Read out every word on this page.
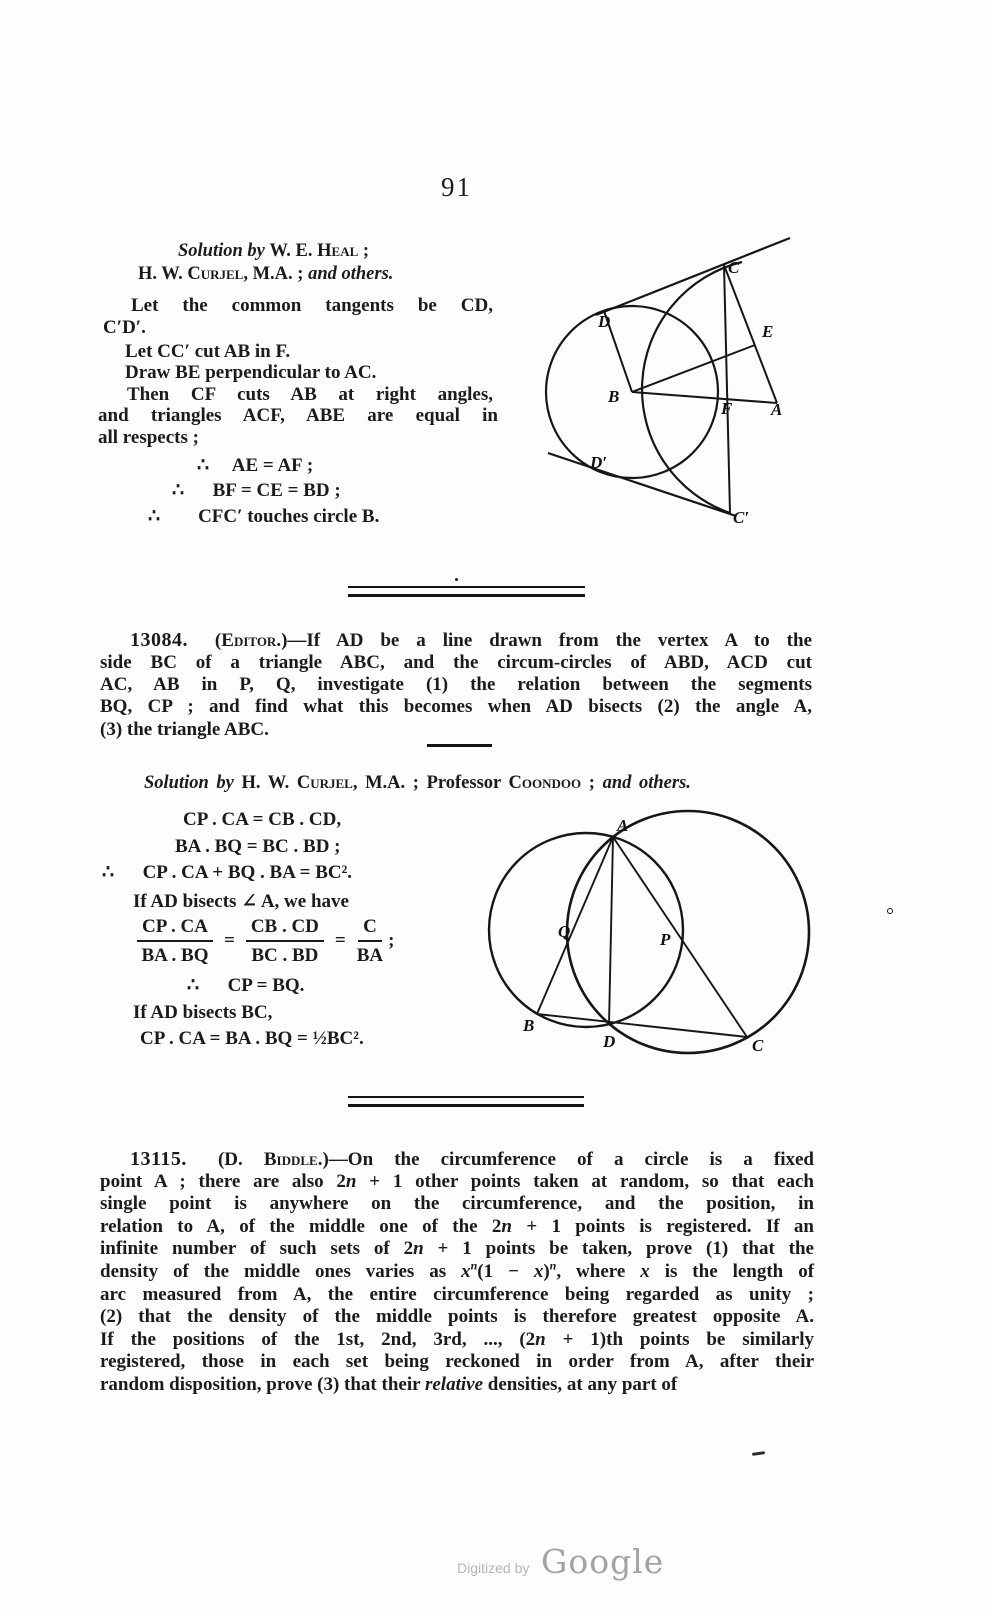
91
Solution by W. E. Heal ;
H. W. Curjel, M.A. ; and others.
Let the common tangents be CD,
C′D′.
Let CC′ cut AB in F.
Draw BE perpendicular to AC.
Then CF cuts AB at right angles,
and triangles ACF, ABE are equal in
all respects ;
∴  AE = AF ;
∴  BF = CE = BD ;
∴  CFC′ touches circle B.
C
D
E
B
F A
D′
C′
13084. (Editor.)—If AD be a line drawn from the vertex A to the
side BC of a triangle ABC, and the circum-circles of ABD, ACD cut
AC, AB in P, Q, investigate (1) the relation between the segments
BQ, CP ; and find what this becomes when AD bisects (2) the angle A,
(3) the triangle ABC.
Solution by H. W. Curjel, M.A. ; Professor Coondoo ; and others.
CP . CA = CB . CD,
BA . BQ = BC . BD ;
∴  CP . CA + BQ . BA = BC².
If AD bisects ∠ A, we have
$\frac{CP . CA}{BA . BQ} = \frac{CB . CD}{BC . BD} = \frac{C}{BA}$ ;
∴  CP = BQ.
If AD bisects BC,
CP . CA = BA . BQ = ½BC².
A
Q	P
B
D	C
13115. (D. Biddle.)—On the circumference of a circle is a fixed
point A ; there are also 2n + 1 other points taken at random, so that each
single point is anywhere on the circumference, and the position, in
relation to A, of the middle one of the 2n + 1 points is registered. If an
infinite number of such sets of 2n + 1 points be taken, prove (1) that the
density of the middle ones varies as $x^n(1 - x)^n$, where x is the length of
arc measured from A, the entire circumference being regarded as unity ;
(2) that the density of the middle points is therefore greatest opposite A.
If the positions of the 1st, 2nd, 3rd, ..., (2n + 1)th points be similarly
registered, those in each set being reckoned in order from A, after their
random disposition, prove (3) that their relative densities, at any part of
Digitized by Google
